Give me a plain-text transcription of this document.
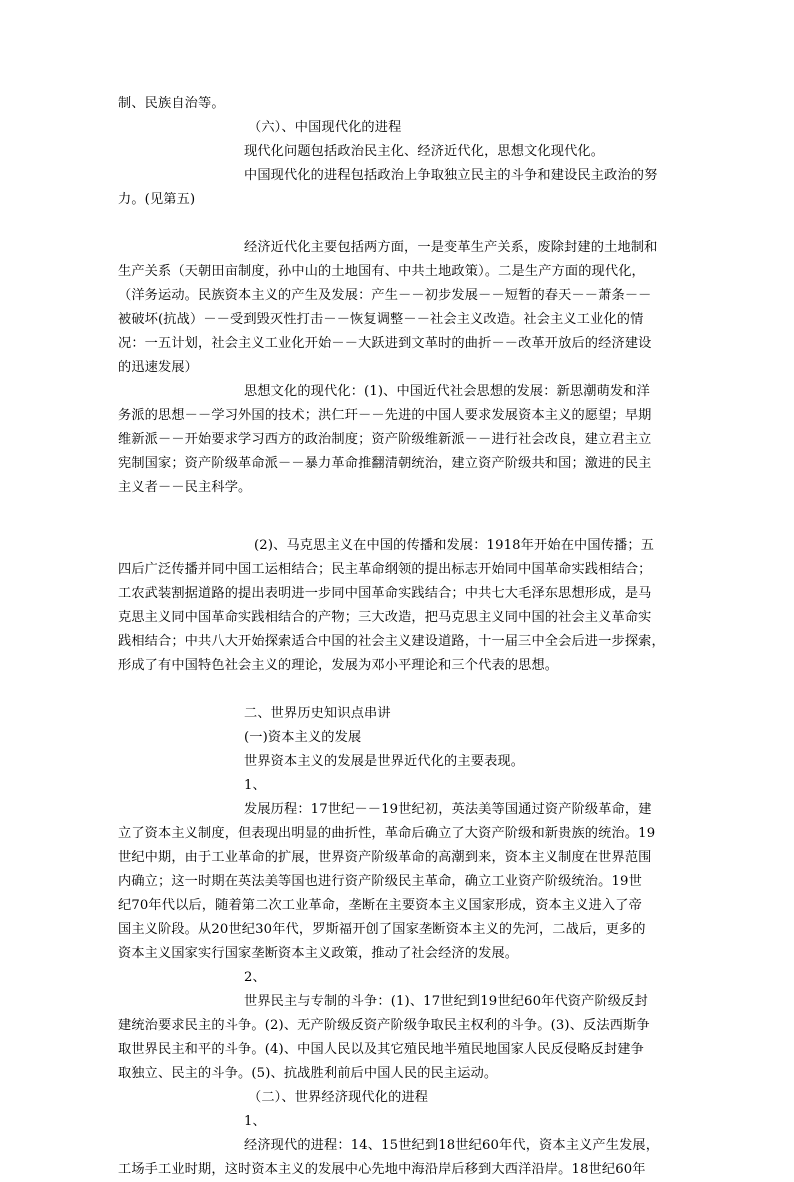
制、民族自治等。
（六）、中国现代化的进程
现代化问题包括政治民主化、经济近代化，思想文化现代化。
中国现代化的进程包括政治上争取独立民主的斗争和建设民主政治的努
力。(见第五)
经济近代化主要包括两方面，一是变革生产关系，废除封建的土地制和
生产关系（天朝田亩制度，孙中山的土地国有、中共土地政策）。二是生产方面的现代化，
（洋务运动。民族资本主义的产生及发展：产生－－初步发展－－短暂的春天－－萧条－－
被破坏(抗战）－－受到毁灭性打击－－恢复调整－－社会主义改造。社会主义工业化的情
况：一五计划，社会主义工业化开始－－大跃进到文革时的曲折－－改革开放后的经济建设
的迅速发展）
思想文化的现代化：(1)、中国近代社会思想的发展：新思潮萌发和洋
务派的思想－－学习外国的技术；洪仁玕－－先进的中国人要求发展资本主义的愿望；早期
维新派－－开始要求学习西方的政治制度；资产阶级维新派－－进行社会改良，建立君主立
宪制国家；资产阶级革命派－－暴力革命推翻清朝统治，建立资产阶级共和国；激进的民主
主义者－－民主科学。
(2)、马克思主义在中国的传播和发展：1918年开始在中国传播；五
四后广泛传播并同中国工运相结合；民主革命纲领的提出标志开始同中国革命实践相结合；
工农武装割据道路的提出表明进一步同中国革命实践结合；中共七大毛泽东思想形成，是马
克思主义同中国革命实践相结合的产物；三大改造，把马克思主义同中国的社会主义革命实
践相结合；中共八大开始探索适合中国的社会主义建设道路，十一届三中全会后进一步探索，
形成了有中国特色社会主义的理论，发展为邓小平理论和三个代表的思想。
二、世界历史知识点串讲
(一)资本主义的发展
世界资本主义的发展是世界近代化的主要表现。
1、
发展历程：17世纪－－19世纪初，英法美等国通过资产阶级革命，建
立了资本主义制度，但表现出明显的曲折性，革命后确立了大资产阶级和新贵族的统治。19
世纪中期，由于工业革命的扩展，世界资产阶级革命的高潮到来，资本主义制度在世界范围
内确立；这一时期在英法美等国也进行资产阶级民主革命，确立工业资产阶级统治。19世
纪70年代以后，随着第二次工业革命，垄断在主要资本主义国家形成，资本主义进入了帝
国主义阶段。从20世纪30年代，罗斯福开创了国家垄断资本主义的先河，二战后，更多的
资本主义国家实行国家垄断资本主义政策，推动了社会经济的发展。
2、
世界民主与专制的斗争：(1)、17世纪到19世纪60年代资产阶级反封
建统治要求民主的斗争。(2)、无产阶级反资产阶级争取民主权利的斗争。(3)、反法西斯争
取世界民主和平的斗争。(4)、中国人民以及其它殖民地半殖民地国家人民反侵略反封建争
取独立、民主的斗争。(5)、抗战胜利前后中国人民的民主运动。
（二）、世界经济现代化的进程
1、
经济现代的进程：14、15世纪到18世纪60年代，资本主义产生发展，
工场手工业时期，这时资本主义的发展中心先地中海沿岸后移到大西洋沿岸。18世纪60年
